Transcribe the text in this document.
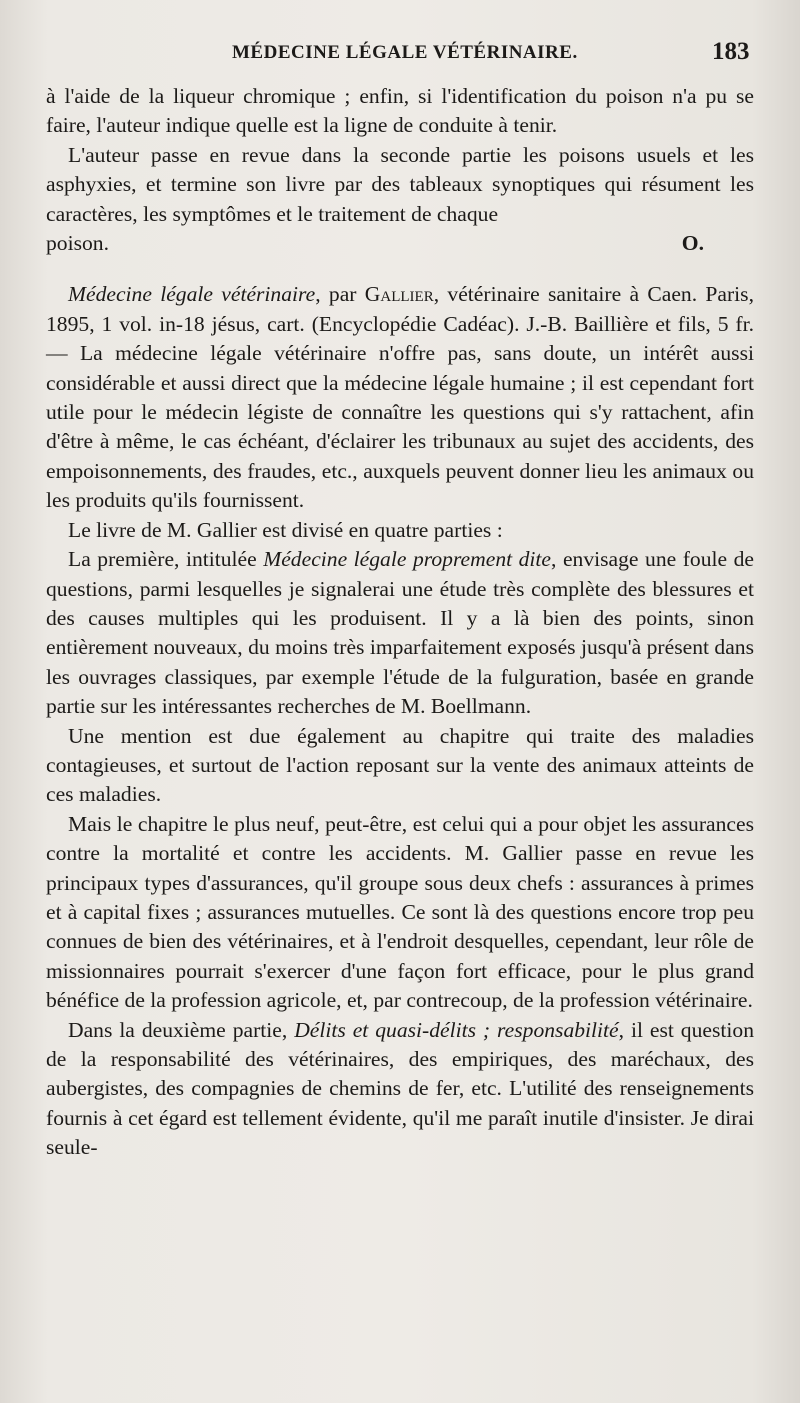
MÉDECINE LÉGALE VÉTÉRINAIRE.	183

à l'aide de la liqueur chromique ; enfin, si l'identification du poison n'a pu se faire, l'auteur indique quelle est la ligne de conduite à tenir.

L'auteur passe en revue dans la seconde partie les poisons usuels et les asphyxies, et termine son livre par des tableaux synoptiques qui résument les caractères, les symptômes et le traitement de chaque

poison.	O.

Médecine légale vétérinaire, par Gallier, vétérinaire sanitaire à Caen. Paris, 1895, 1 vol. in-18 jésus, cart. (Encyclopédie Cadéac). J.-B. Baillière et fils, 5 fr. — La médecine légale vétérinaire n'offre pas, sans doute, un intérêt aussi considérable et aussi direct que la médecine légale humaine ; il est cependant fort utile pour le médecin légiste de connaître les questions qui s'y rattachent, afin d'être à même, le cas échéant, d'éclairer les tribunaux au sujet des accidents, des empoisonnements, des fraudes, etc., auxquels peuvent donner lieu les animaux ou les produits qu'ils fournissent.

Le livre de M. Gallier est divisé en quatre parties :

La première, intitulée Médecine légale proprement dite, envisage une foule de questions, parmi lesquelles je signalerai une étude très complète des blessures et des causes multiples qui les produisent. Il y a là bien des points, sinon entièrement nouveaux, du moins très imparfaitement exposés jusqu'à présent dans les ouvrages classiques, par exemple l'étude de la fulguration, basée en grande partie sur les intéressantes recherches de M. Boellmann.

Une mention est due également au chapitre qui traite des maladies contagieuses, et surtout de l'action reposant sur la vente des animaux atteints de ces maladies.

Mais le chapitre le plus neuf, peut-être, est celui qui a pour objet les assurances contre la mortalité et contre les accidents. M. Gallier passe en revue les principaux types d'assurances, qu'il groupe sous deux chefs : assurances à primes et à capital fixes ; assurances mutuelles. Ce sont là des questions encore trop peu connues de bien des vétérinaires, et à l'endroit desquelles, cependant, leur rôle de missionnaires pourrait s'exercer d'une façon fort efficace, pour le plus grand bénéfice de la profession agricole, et, par contrecoup, de la profession vétérinaire.

Dans la deuxième partie, Délits et quasi-délits ; responsabilité, il est question de la responsabilité des vétérinaires, des empiriques, des maréchaux, des aubergistes, des compagnies de chemins de fer, etc. L'utilité des renseignements fournis à cet égard est tellement évidente, qu'il me paraît inutile d'insister. Je dirai seule-
